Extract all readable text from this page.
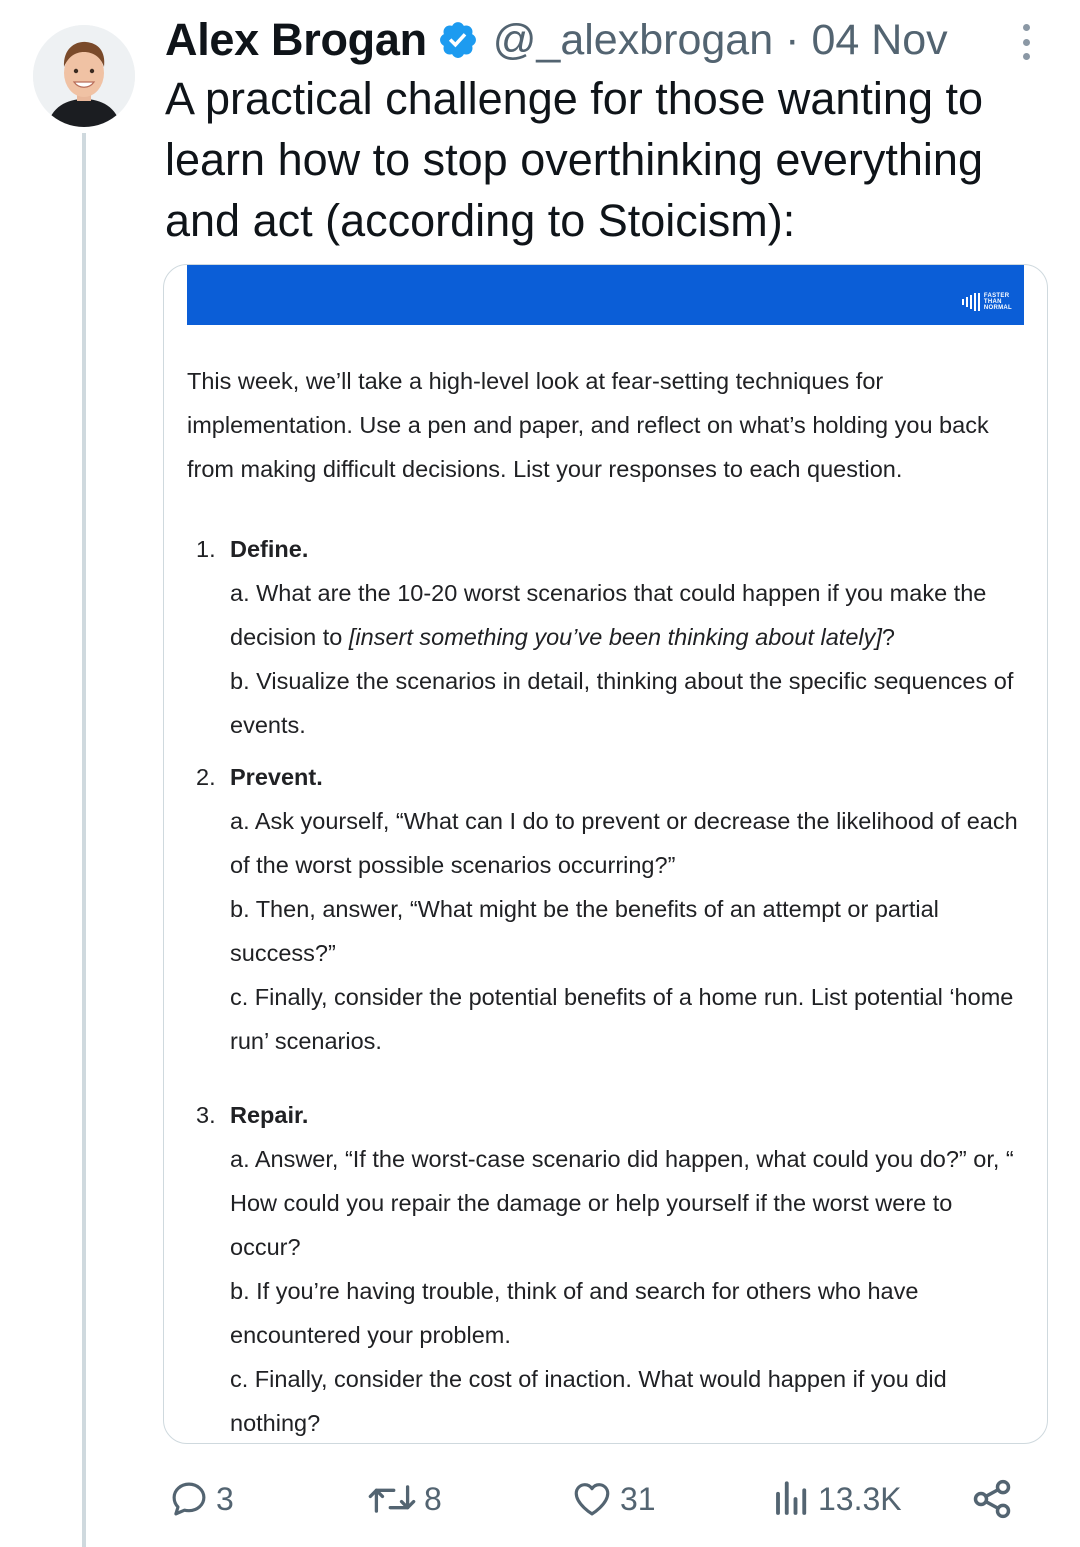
Alex Brogan @_alexbrogan · 04 Nov
A practical challenge for those wanting to learn how to stop overthinking everything and act (according to Stoicism):
FASTER
THAN
NORMAL

This week, we’ll take a high-level look at fear-setting techniques for implementation. Use a pen and paper, and reflect on what’s holding you back from making difficult decisions. List your responses to each question.

1. Define.
a. What are the 10-20 worst scenarios that could happen if you make the decision to [insert something you’ve been thinking about lately]?
b. Visualize the scenarios in detail, thinking about the specific sequences of events.
2. Prevent.
a. Ask yourself, “What can I do to prevent or decrease the likelihood of each of the worst possible scenarios occurring?”
b. Then, answer, “What might be the benefits of an attempt or partial success?”
c. Finally, consider the potential benefits of a home run. List potential ‘home run’ scenarios.
3. Repair.
a. Answer, “If the worst-case scenario did happen, what could you do?” or, “ How could you repair the damage or help yourself if the worst were to occur?
b. If you’re having trouble, think of and search for others who have encountered your problem.
c. Finally, consider the cost of inaction. What would happen if you did nothing?
3	8	31	13.3K
